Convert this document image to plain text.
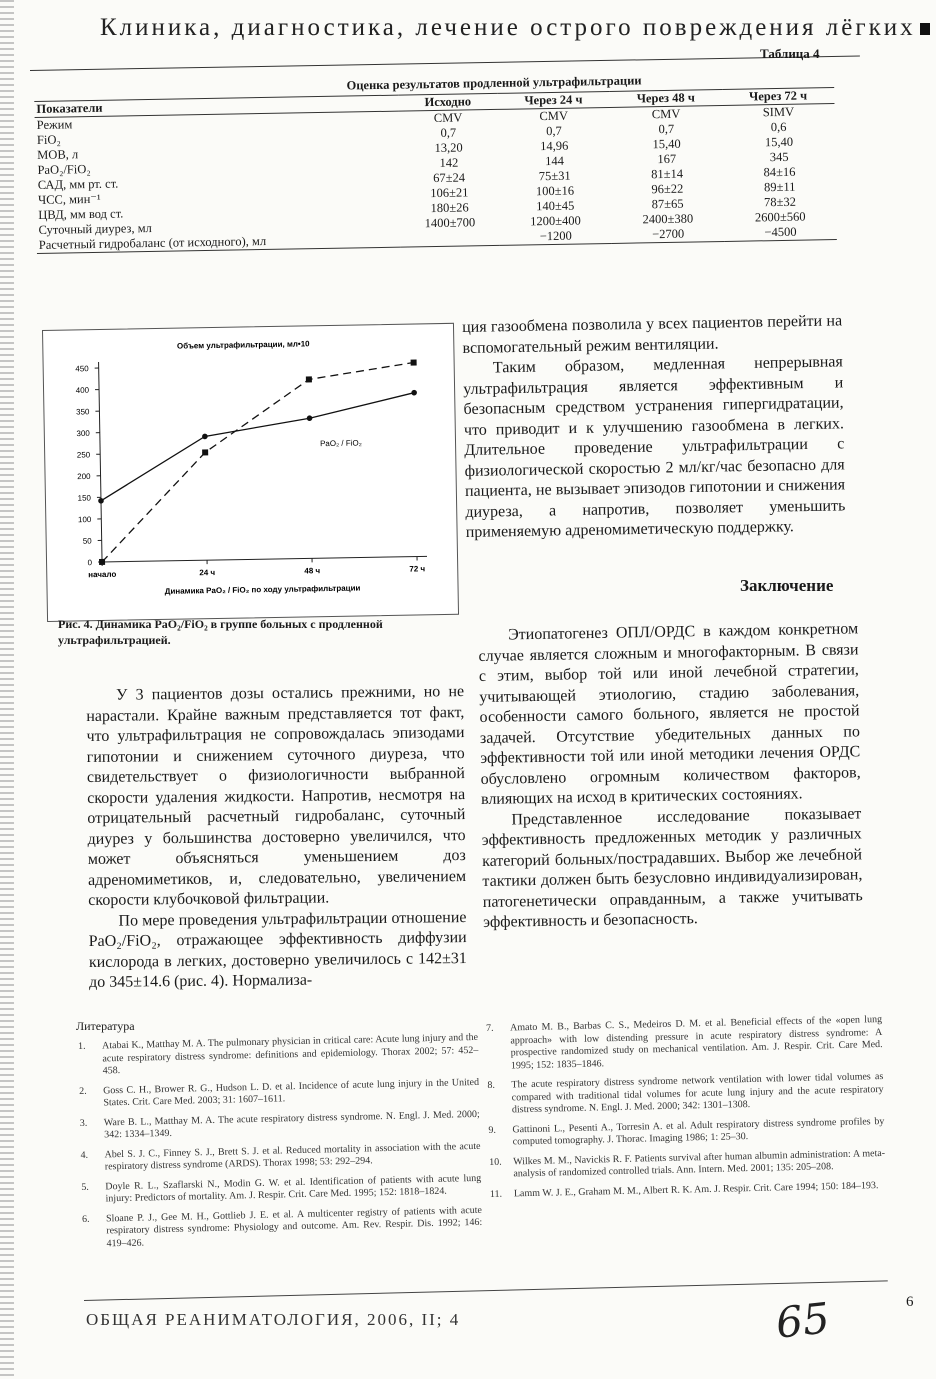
Клиника, диагностика, лечение острого повреждения лёгких
Таблица 4
Оценка результатов продленной ультрафильтрации
Показатели	Исходно	Через 24 ч	Через 48 ч	Через 72 ч
Режим	CMV	CMV	CMV	SIMV
FiO₂	0,7	0,7	0,7	0,6
МОВ, л	13,20	14,96	15,40	15,40
PaO₂/FiO₂	142	144	167	345
САД, мм рт. ст.	67±24	75±31	81±14	84±16
ЧСС, мин⁻¹	106±21	100±16	96±22	89±11
ЦВД, мм вод ст.	180±26	140±45	87±65	78±32
Суточный диурез, мл	1400±700	1200±400	2400±380	2600±560
Расчетный гидробаланс (от исходного), мл		−1200	−2700	−4500
0
50
100
150
200
250
300
350
400
450
начало	24 ч	48 ч	72 ч
Объем ультрафильтрации, мл•10
Динамика PaO₂ / FiO₂ по ходу ультрафильтрации
PaO₂ / FiO₂
Рис. 4. Динамика PaO₂/FiO₂ в группе больных с продленной ультрафильтрацией.

ция газообмена позволила у всех пациентов перейти на вспомогательный режим вентиляции.

Таким образом, медленная непрерывная ультрафильтрация является эффективным и безопасным средством устранения гипергидратации, что приводит и к улучшению газообмена в легких. Длительное проведение ультрафильтрации с физиологической скоростью 2 мл/кг/час безопасно для пациента, не вызывает эпизодов гипотонии и снижения диуреза, а напротив, позволяет уменьшить применяемую адреномиметическую поддержку.

Заключение

Этиопатогенез ОПЛ/ОРДС в каждом конкретном случае является сложным и многофакторным. В связи с этим, выбор той или иной лечебной стратегии, учитывающей этиологию, стадию заболевания, особенности самого больного, является не простой задачей. Отсутствие убедительных данных по эффективности той или иной методики лечения ОРДС обусловлено огромным количеством факторов, влияющих на исход в критических состояниях.

Представленное исследование показывает эффективность предложенных методик у различных категорий больных/пострадавших. Выбор же лечебной тактики должен быть безусловно индивидуализирован, патогенетически оправданным, а также учитывать эффективность и безопасность.

У 3 пациентов дозы остались прежними, но не нарастали. Крайне важным представляется тот факт, что ультрафильтрация не сопровождалась эпизодами гипотонии и снижением суточного диуреза, что свидетельствует о физиологичности выбранной скорости удаления жидкости. Напротив, несмотря на отрицательный расчетный гидробаланс, суточный диурез у большинства достоверно увеличился, что может объясняться уменьшением доз адреномиметиков, и, следовательно, увеличением скорости клубочковой фильтрации.

По мере проведения ультрафильтрации отношение PaO₂/FiO₂, отражающее эффективность диффузии кислорода в легких, достоверно увеличилось с 142±31 до 345±14.6 (рис. 4). Нормализа-

Литература
1.	Atabai K., Matthay M. A. The pulmonary physician in critical care: Acute lung injury and the acute respiratory distress syndrome: definitions and epidemiology. Thorax 2002; 57: 452–458.
2.	Goss C. H., Brower R. G., Hudson L. D. et al. Incidence of acute lung injury in the United States. Crit. Care Med. 2003; 31: 1607–1611.
3.	Ware B. L., Matthay M. A. The acute respiratory distress syndrome. N. Engl. J. Med. 2000; 342: 1334–1349.
4.	Abel S. J. C., Finney S. J., Brett S. J. et al. Reduced mortality in association with the acute respiratory distress syndrome (ARDS). Thorax 1998; 53: 292–294.
5.	Doyle R. L., Szaflarski N., Modin G. W. et al. Identification of patients with acute lung injury: Predictors of mortality. Am. J. Respir. Crit. Care Med. 1995; 152: 1818–1824.
6.	Sloane P. J., Gee M. H., Gottlieb J. E. et al. A multicenter registry of patients with acute respiratory distress syndrome: Physiology and outcome. Am. Rev. Respir. Dis. 1992; 146: 419–426.
7.	Amato M. B., Barbas C. S., Medeiros D. M. et al. Beneficial effects of the «open lung approach» with low distending pressure in acute respiratory distress syndrome: A prospective randomized study on mechanical ventilation. Am. J. Respir. Crit. Care Med. 1995; 152: 1835–1846.
8.	The acute respiratory distress syndrome network ventilation with lower tidal volumes as compared with traditional tidal volumes for acute lung injury and the acute respiratory distress syndrome. N. Engl. J. Med. 2000; 342: 1301–1308.
9.	Gattinoni L., Pesenti A., Torresin A. et al. Adult respiratory distress syndrome profiles by computed tomography. J. Thorac. Imaging 1986; 1: 25–30.
10.	Wilkes M. M., Navickis R. F. Patients survival after human albumin administration: A meta-analysis of randomized controlled trials. Ann. Intern. Med. 2001; 135: 205–208.
11.	Lamm W. J. E., Graham M. M., Albert R. K. Am. J. Respir. Crit. Care 1994; 150: 184–193.
ОБЩАЯ РЕАНИМАТОЛОГИЯ, 2006, II; 4	65	6
